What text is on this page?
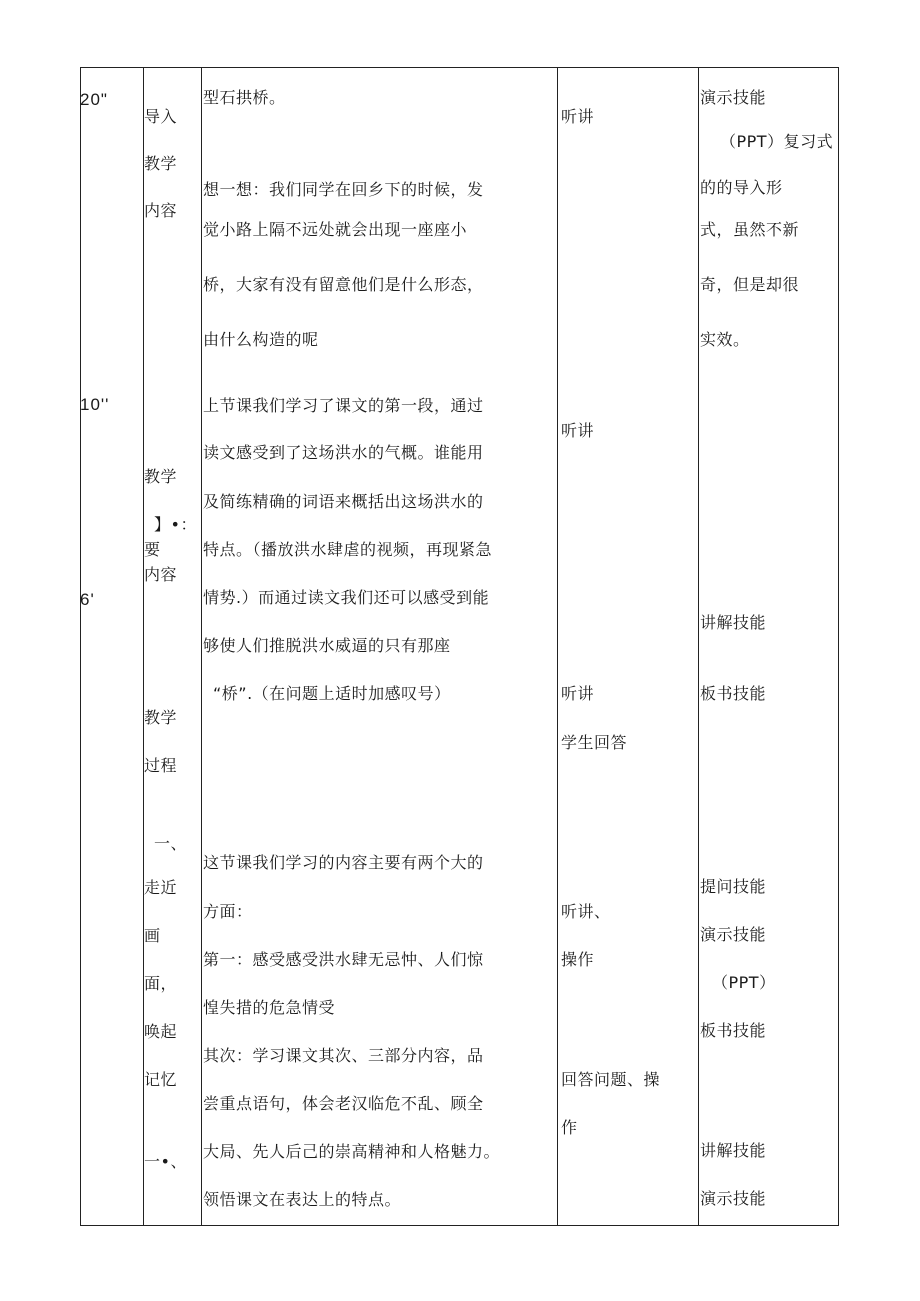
20"
10''
6'
导入
教学
内容
教学
】•：
要
内容
教学
过程
一、
走近
画
面，
唤起
记忆
一•、
型石拱桥。
想一想：我们同学在回乡下的时候，发
觉小路上隔不远处就会出现一座座小
桥，大家有没有留意他们是什么形态，
由什么构造的呢
上节课我们学习了课文的第一段，通过
读文感受到了这场洪水的气概。谁能用
及简练精确的词语来概括出这场洪水的
特点。（播放洪水肆虐的视频，再现紧急
情势.）而通过读文我们还可以感受到能
够使人们推脱洪水威逼的只有那座
“桥”.（在问题上适时加感叹号）
这节课我们学习的内容主要有两个大的
方面：
第一：感受感受洪水肆无忌忡、人们惊
惶失措的危急情受
其次：学习课文其次、三部分内容，品
尝重点语句，体会老汉临危不乱、顾全
大局、先人后己的崇高精神和人格魅力。
领悟课文在表达上的特点。
听讲
听讲
听讲
学生回答
听讲、
操作
回答问题、操
作
演示技能
（PPT）复习式
的的导入形
式，虽然不新
奇，但是却很
实效。
讲解技能
板书技能
提问技能
演示技能
（PPT）
板书技能
讲解技能
演示技能
